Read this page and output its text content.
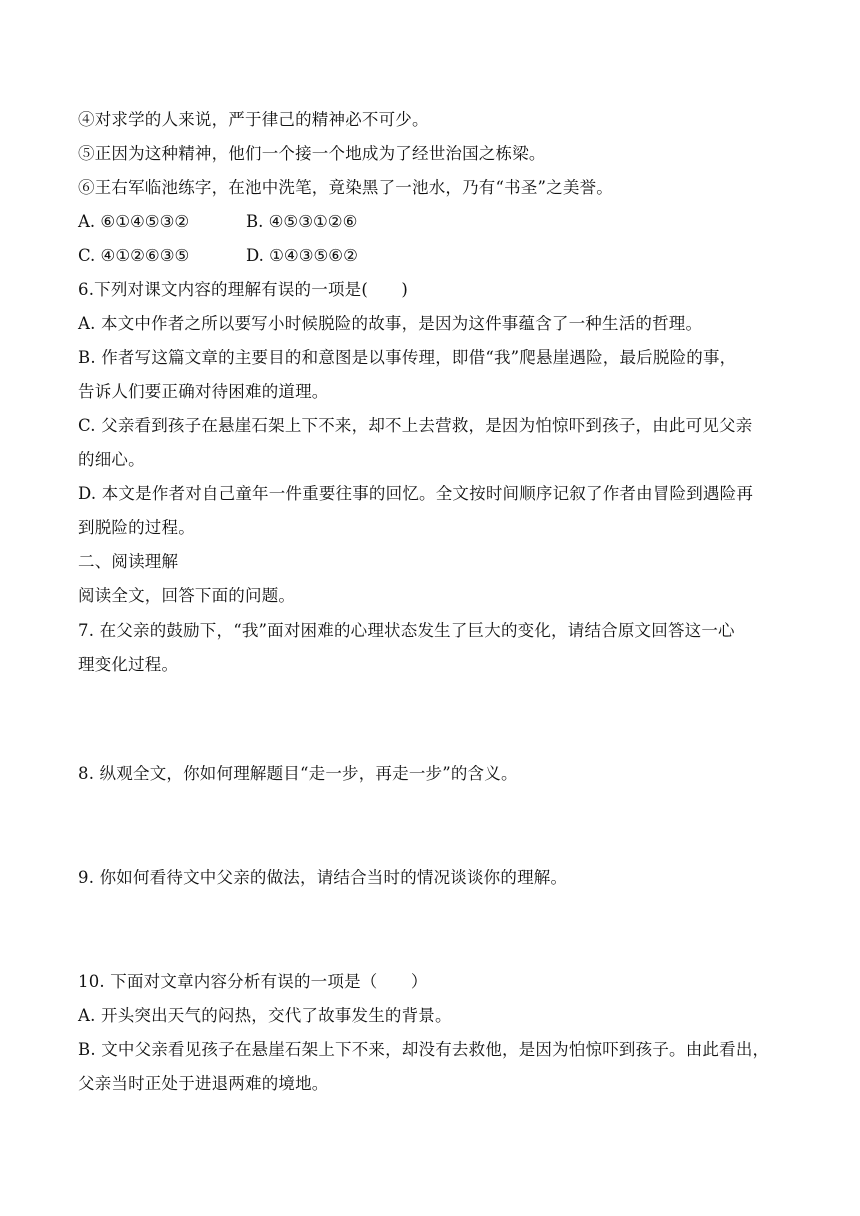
④对求学的人来说，严于律己的精神必不可少。
⑤正因为这种精神，他们一个接一个地成为了经世治国之栋梁。
⑥王右军临池练字，在池中洗笔，竟染黑了一池水，乃有“书圣”之美誉。
A. ⑥①④⑤③②	B. ④⑤③①②⑥
C. ④①②⑥③⑤	D. ①④③⑤⑥②
6.下列对课文内容的理解有误的一项是(　　)
A. 本文中作者之所以要写小时候脱险的故事，是因为这件事蕴含了一种生活的哲理。
B. 作者写这篇文章的主要目的和意图是以事传理，即借“我”爬悬崖遇险，最后脱险的事，
告诉人们要正确对待困难的道理。
C. 父亲看到孩子在悬崖石架上下不来，却不上去营救，是因为怕惊吓到孩子，由此可见父亲
的细心。
D. 本文是作者对自己童年一件重要往事的回忆。全文按时间顺序记叙了作者由冒险到遇险再
到脱险的过程。
二、阅读理解
阅读全文，回答下面的问题。
7. 在父亲的鼓励下，“我”面对困难的心理状态发生了巨大的变化，请结合原文回答这一心
理变化过程。
8. 纵观全文，你如何理解题目“走一步，再走一步”的含义。
9. 你如何看待文中父亲的做法，请结合当时的情况谈谈你的理解。
10. 下面对文章内容分析有误的一项是（　　）
A. 开头突出天气的闷热，交代了故事发生的背景。
B. 文中父亲看见孩子在悬崖石架上下不来，却没有去救他，是因为怕惊吓到孩子。由此看出，
父亲当时正处于进退两难的境地。
